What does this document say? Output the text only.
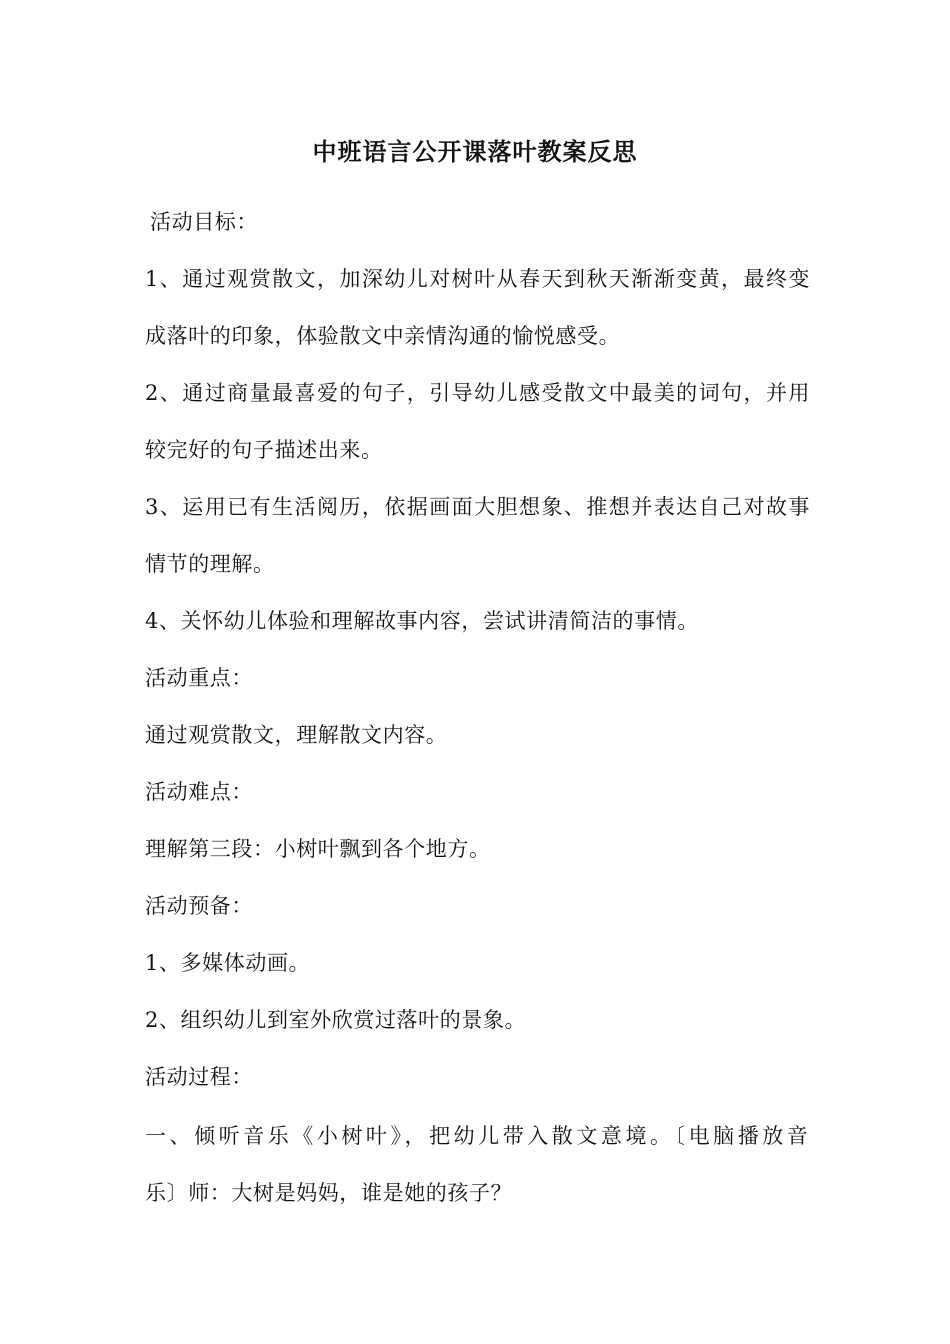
中班语言公开课落叶教案反思
活动目标：
1、通过观赏散文，加深幼儿对树叶从春天到秋天渐渐变黄，最终变
成落叶的印象，体验散文中亲情沟通的愉悦感受。
2、通过商量最喜爱的句子，引导幼儿感受散文中最美的词句，并用
较完好的句子描述出来。
3、运用已有生活阅历，依据画面大胆想象、推想并表达自己对故事
情节的理解。
4、关怀幼儿体验和理解故事内容，尝试讲清简洁的事情。
活动重点：
通过观赏散文，理解散文内容。
活动难点：
理解第三段：小树叶飘到各个地方。
活动预备：
1、多媒体动画。
2、组织幼儿到室外欣赏过落叶的景象。
活动过程：
一、倾听音乐《小树叶》，把幼儿带入散文意境。〔电脑播放音
乐〕师：大树是妈妈，谁是她的孩子？
